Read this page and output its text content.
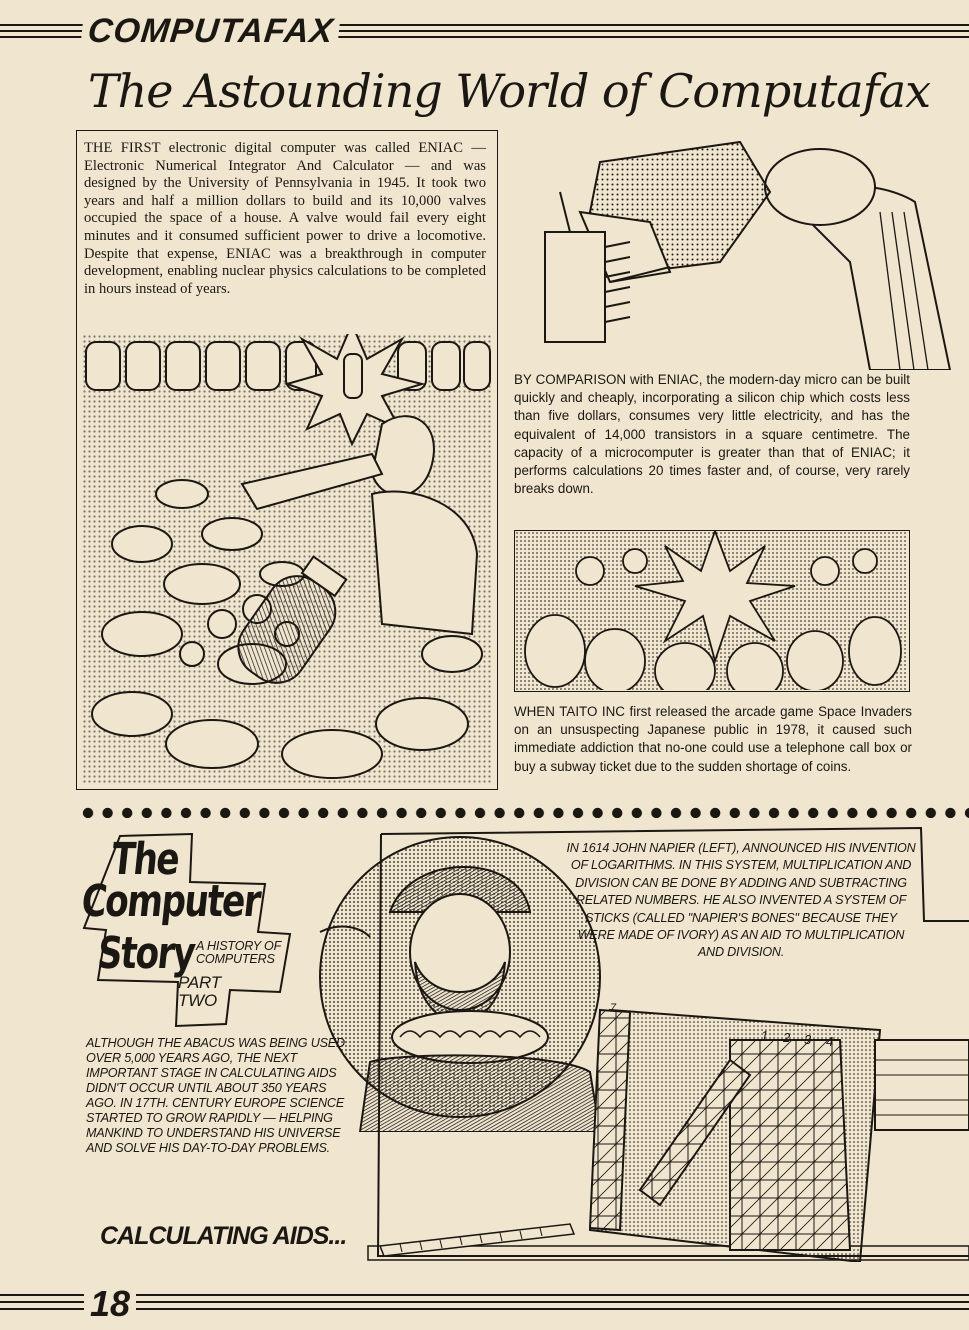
COMPUTAFAX
The Astounding World of Computafax
THE FIRST electronic digital computer was called ENIAC — Electronic Numerical Integrator And Calculator — and was designed by the University of Pennsylvania in 1945. It took two years and half a million dollars to build and its 10,000 valves occupied the space of a house. A valve would fail every eight minutes and it consumed sufficient power to drive a locomotive. Despite that expense, ENIAC was a breakthrough in computer development, enabling nuclear physics calculations to be completed in hours instead of years.
BY COMPARISON with ENIAC, the modern-day micro can be built quickly and cheaply, incorporating a silicon chip which costs less than five dollars, consumes very little electricity, and has the equivalent of 14,000 transistors in a square centimetre. The capacity of a microcomputer is greater than that of ENIAC; it performs calculations 20 times faster and, of course, very rarely breaks down.
WHEN TAITO INC first released the arcade game Space Invaders on an unsuspecting Japanese public in 1978, it caused such immediate addiction that no-one could use a telephone call box or buy a subway ticket due to the sudden shortage of coins.
The
Computer
Story A HISTORY OF COMPUTERS
PART TWO
IN 1614 JOHN NAPIER (LEFT), ANNOUNCED HIS INVENTION OF LOGARITHMS. IN THIS SYSTEM, MULTIPLICATION AND DIVISION CAN BE DONE BY ADDING AND SUBTRACTING RELATED NUMBERS. HE ALSO INVENTED A SYSTEM OF STICKS (CALLED "NAPIER'S BONES" BECAUSE THEY WERE MADE OF IVORY) AS AN AID TO MULTIPLICATION AND DIVISION.
ALTHOUGH THE ABACUS WAS BEING USED OVER 5,000 YEARS AGO, THE NEXT IMPORTANT STAGE IN CALCULATING AIDS DIDN'T OCCUR UNTIL ABOUT 350 YEARS AGO. IN 17TH. CENTURY EUROPE SCIENCE STARTED TO GROW RAPIDLY — HELPING MANKIND TO UNDERSTAND HIS UNIVERSE AND SOLVE HIS DAY-TO-DAY PROBLEMS.
CALCULATING AIDS...
1 2 3 4
7
18
